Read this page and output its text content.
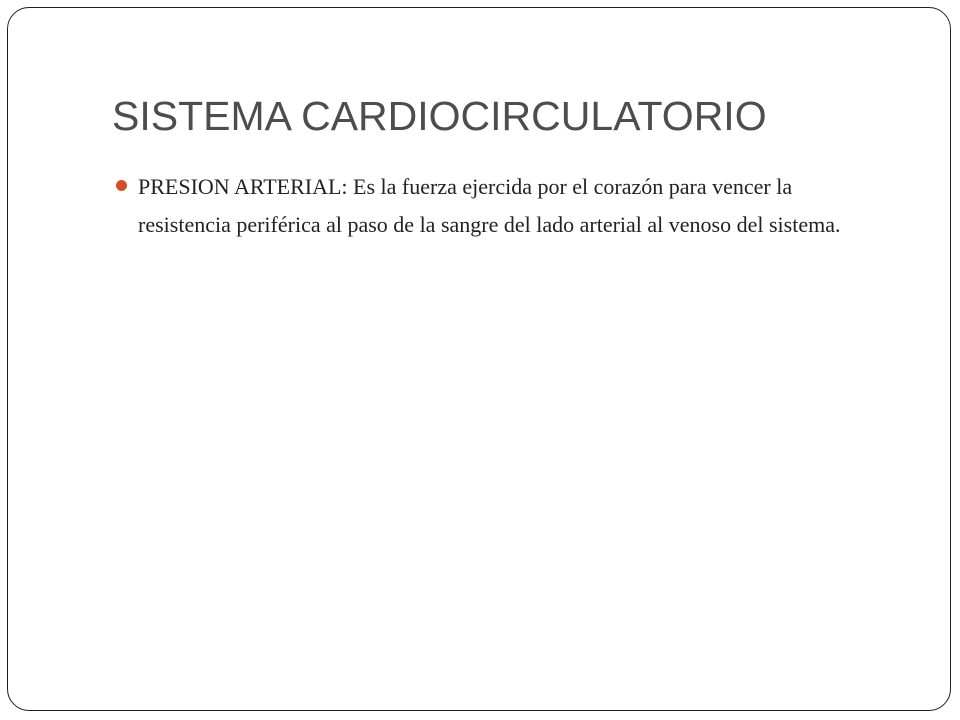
SISTEMA CARDIOCIRCULATORIO
PRESION ARTERIAL: Es la fuerza ejercida por el corazón para vencer la resistencia periférica al paso de la sangre del lado arterial al venoso del sistema.
